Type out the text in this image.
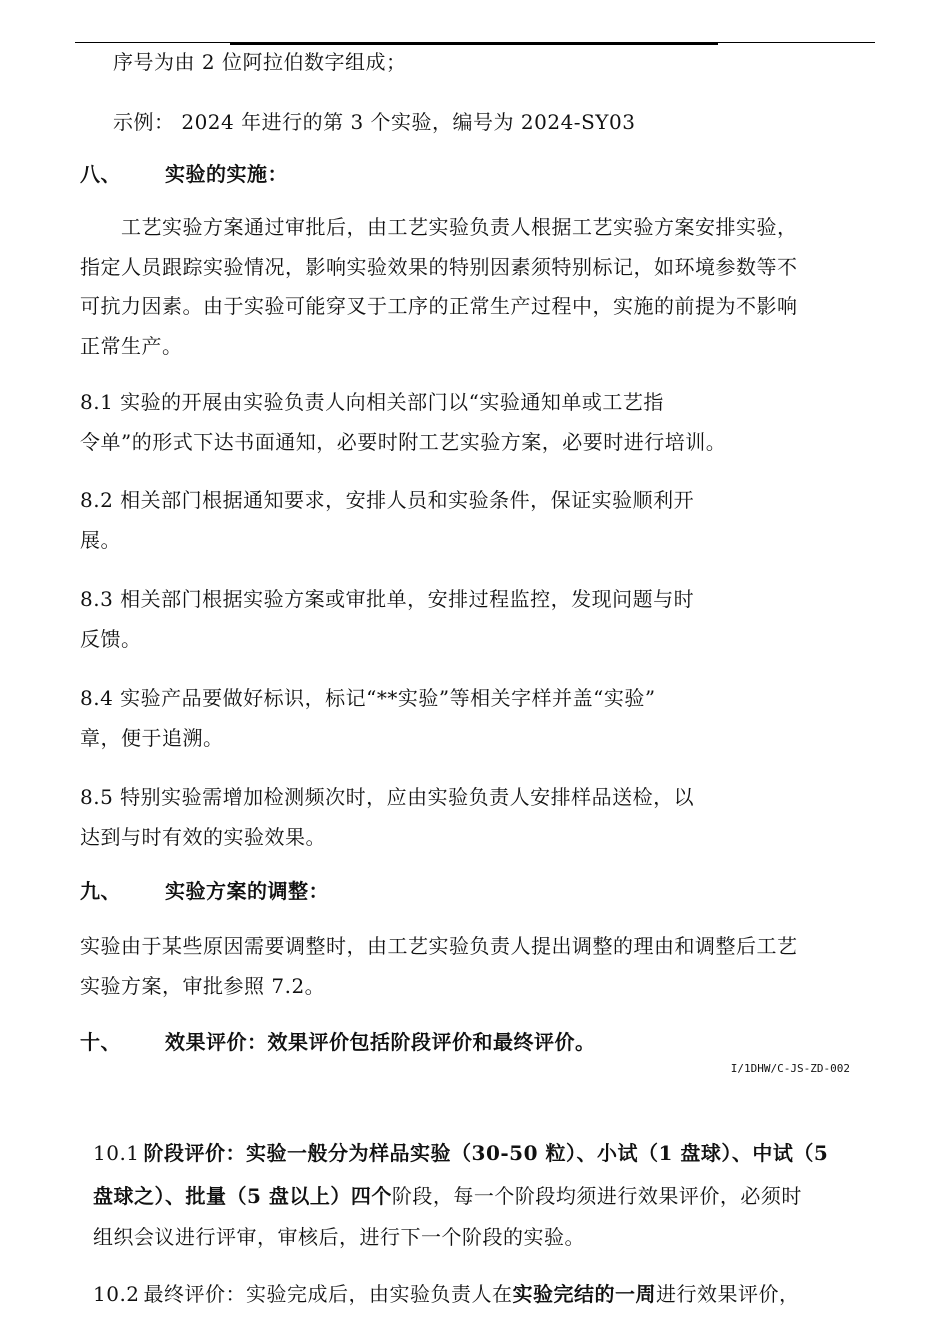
序号为由 2 位阿拉伯数字组成；
示例： 2024 年进行的第 3 个实验，编号为 2024-SY03
八、 实验的实施：
工艺实验方案通过审批后，由工艺实验负责人根据工艺实验方案安排实验，
指定人员跟踪实验情况，影响实验效果的特别因素须特别标记，如环境参数等不
可抗力因素。由于实验可能穿叉于工序的正常生产过程中，实施的前提为不影响
正常生产。
8.1 实验的开展由实验负责人向相关部门以“实验通知单或工艺指
令单”的形式下达书面通知，必要时附工艺实验方案，必要时进行培训。
8.2 相关部门根据通知要求，安排人员和实验条件，保证实验顺利开
展。
8.3 相关部门根据实验方案或审批单，安排过程监控，发现问题与时
反馈。
8.4 实验产品要做好标识，标记“**实验”等相关字样并盖“实验”
章，便于追溯。
8.5 特别实验需增加检测频次时，应由实验负责人安排样品送检，以
达到与时有效的实验效果。
九、 实验方案的调整：
实验由于某些原因需要调整时，由工艺实验负责人提出调整的理由和调整后工艺
实验方案，审批参照 7.2。
十、 效果评价：效果评价包括阶段评价和最终评价。
I/1DHW/C-JS-ZD-002
10.1 阶段评价：实验一般分为样品实验（30-50 粒）、小试（1 盘球）、中试（5
盘球之）、批量（5 盘以上）四个阶段，每一个阶段均须进行效果评价，必须时
组织会议进行评审，审核后，进行下一个阶段的实验。
10.2 最终评价：实验完成后，由实验负责人在实验完结的一周进行效果评价，
